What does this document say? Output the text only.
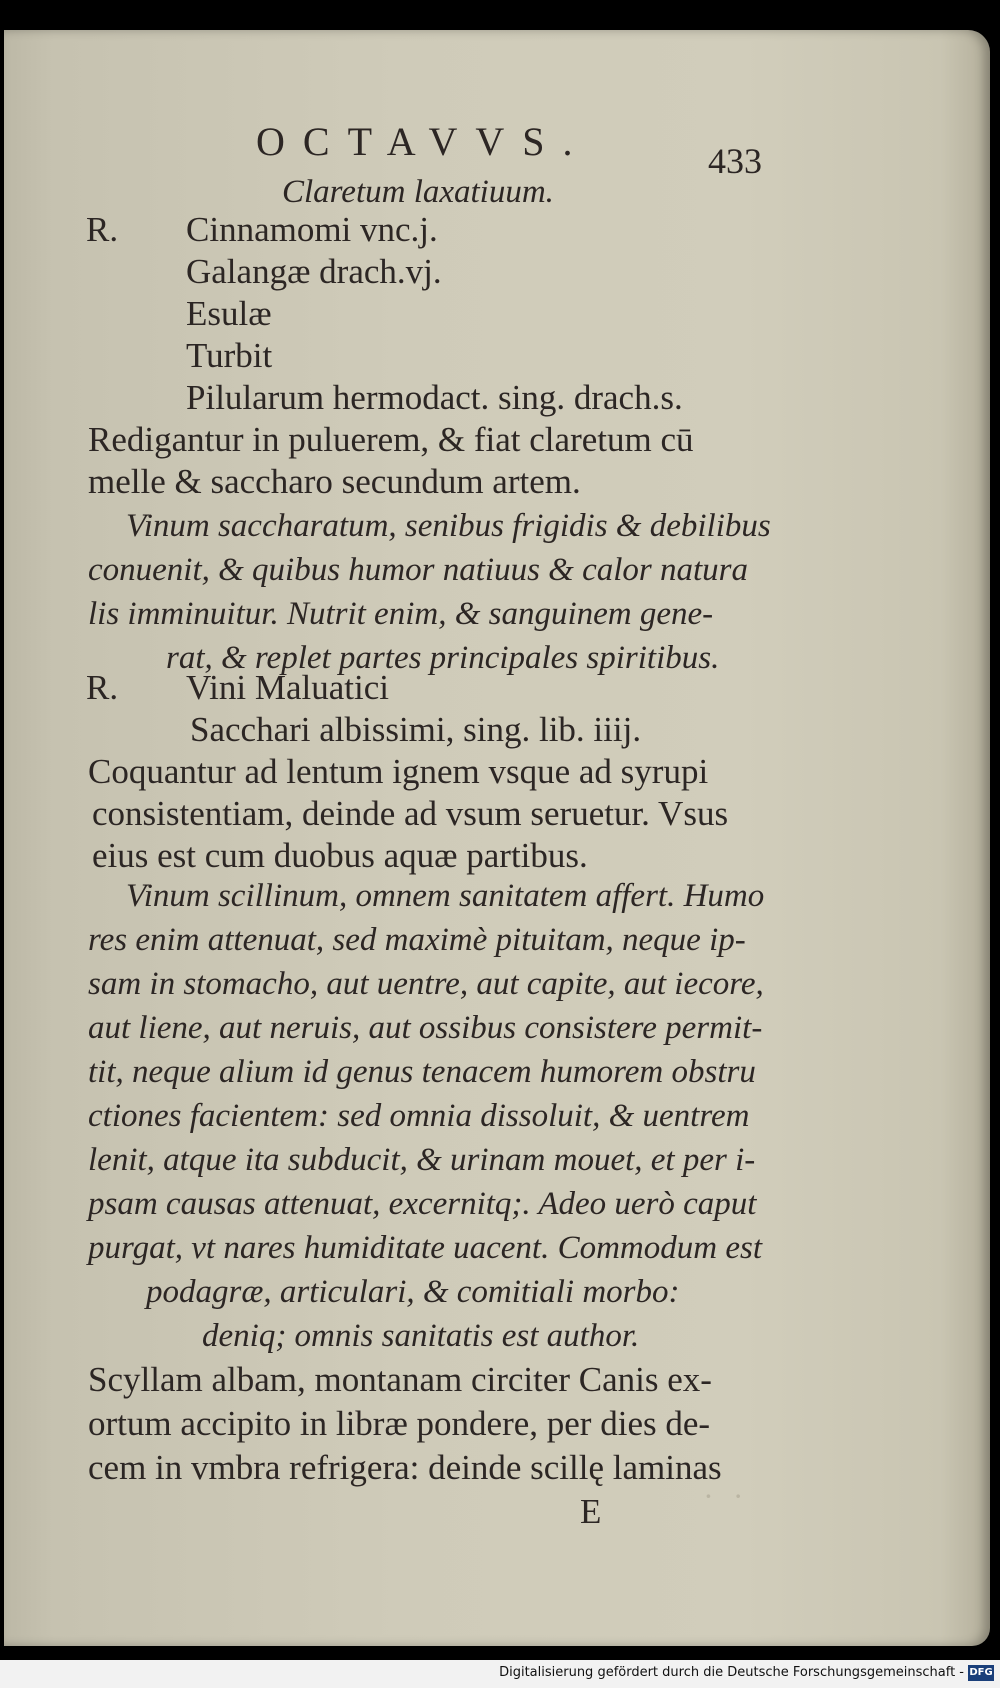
· ·
OCTAVVS.	433
Claretum laxatiuum.
R. Cinnamomi vnc.j.
Galangæ drach.vj.
Esulæ
Turbit
Pilularum hermodact. sing. drach.s.
Redigantur in puluerem, & fiat claretum cū
melle & saccharo secundum artem.
Vinum saccharatum, senibus frigidis & debilibus
conuenit, & quibus humor natiuus & calor natura
lis imminuitur. Nutrit enim, & sanguinem gene-
rat, & replet partes principales spiritibus.
R. Vini Maluatici
Sacchari albissimi, sing. lib. iiij.
Coquantur ad lentum ignem vsque ad syrupi
consistentiam, deinde ad vsum seruetur. Vsus
eius est cum duobus aquæ partibus.
Vinum scillinum, omnem sanitatem affert. Humo
res enim attenuat, sed maximè pituitam, neque ip-
sam in stomacho, aut uentre, aut capite, aut iecore,
aut liene, aut neruis, aut ossibus consistere permit-
tit, neque alium id genus tenacem humorem obstru
ctiones facientem: sed omnia dissoluit, & uentrem
lenit, atque ita subducit, & urinam mouet, et per i-
psam causas attenuat, excernitq;. Adeo uerò caput
purgat, vt nares humiditate uacent. Commodum est
podagræ, articulari, & comitiali morbo:
deniq; omnis sanitatis est author.
Scyllam albam, montanam circiter Canis ex-
ortum accipito in libræ pondere, per dies de-
cem in vmbra refrigera: deinde scillę laminas
E
Digitalisierung gefördert durch die Deutsche Forschungsgemeinschaft - DFG
